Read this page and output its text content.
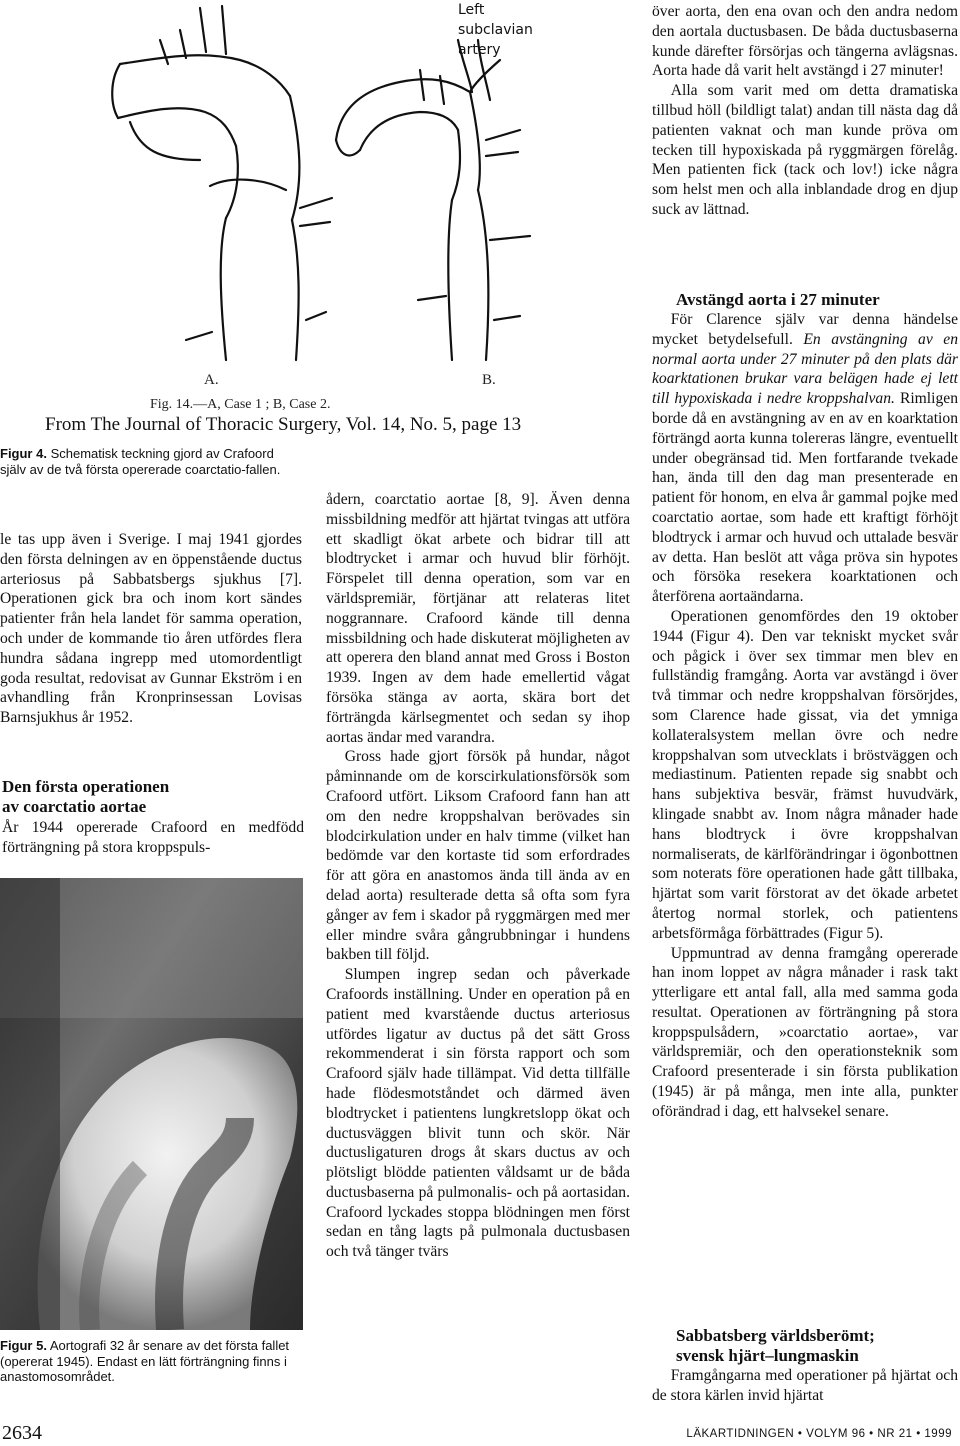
Left
subclavian
artery
A.	B.
Fig. 14.—A, Case 1 ; B, Case 2.
From The Journal of Thoracic Surgery, Vol. 14, No. 5, page 13
Figur 4. Schematisk teckning gjord av Crafoord själv av de två första opererade coarctatio-fallen.

le tas upp även i Sverige. I maj 1941 gjordes den första delningen av en öppenstående ductus arteriosus på Sabbatsbergs sjukhus [7]. Operationen gick bra och inom kort sändes patienter från hela landet för samma operation, och under de kommande tio åren utfördes flera hundra sådana ingrepp med utomordentligt goda resultat, redovisat av Gunnar Ekström i en avhandling från Kronprinsessan Lovisas Barnsjukhus år 1952.

Den första operationen
av coarctatio aortae

År 1944 opererade Crafoord en medfödd förträngning på stora kroppspuls-

Figur 5. Aortografi 32 år senare av det första fallet (opererat 1945). Endast en lätt förträngning finns i anastomosområdet.

ådern, coarctatio aortae [8, 9]. Även denna missbildning medför att hjärtat tvingas att utföra ett skadligt ökat arbete och bidrar till att blodtrycket i armar och huvud blir förhöjt. Förspelet till denna operation, som var en världspremiär, förtjänar att relateras litet noggrannare. Crafoord kände till denna missbildning och hade diskuterat möjligheten av att operera den bland annat med Gross i Boston 1939. Ingen av dem hade emellertid vågat försöka stänga av aorta, skära bort det förträngda kärlsegmentet och sedan sy ihop aortas ändar med varandra.

Gross hade gjort försök på hundar, något påminnande om de korscirkulationsförsök som Crafoord utfört. Liksom Crafoord fann han att om den nedre kroppshalvan berövades sin blodcirkulation under en halv timme (vilket han bedömde var den kortaste tid som erfordrades för att göra en anastomos ända till ända av en delad aorta) resulterade detta så ofta som fyra gånger av fem i skador på ryggmärgen med mer eller mindre svåra gångrubbningar i hundens bakben till följd.

Slumpen ingrep sedan och påverkade Crafoords inställning. Under en operation på en patient med kvarstående ductus arteriosus utfördes ligatur av ductus på det sätt Gross rekommenderat i sin första rapport och som Crafoord själv hade tillämpat. Vid detta tillfälle hade flödesmotståndet och därmed även blodtrycket i patientens lungkretslopp ökat och ductusväggen blivit tunn och skör. När ductusligaturen drogs åt skars ductus av och plötsligt blödde patienten våldsamt ur de båda ductusbaserna på pulmonalis- och på aortasidan. Crafoord lyckades stoppa blödningen men först sedan en tång lagts på pulmonala ductusbasen och två tänger tvärs

över aorta, den ena ovan och den andra nedom den aortala ductusbasen. De båda ductusbaserna kunde därefter försörjas och tängerna avlägsnas. Aorta hade då varit helt avstängd i 27 minuter!

Alla som varit med om detta dramatiska tillbud höll (bildligt talat) andan till nästa dag då patienten vaknat och man kunde pröva om tecken till hypoxiskada på ryggmärgen förelåg. Men patienten fick (tack och lov!) icke några som helst men och alla inblandade drog en djup suck av lättnad.

Avstängd aorta i 27 minuter

För Clarence själv var denna händelse mycket betydelsefull. En avstängning av en normal aorta under 27 minuter på den plats där koarktationen brukar vara belägen hade ej lett till hypoxiskada i nedre kroppshalvan. Rimligen borde då en avstängning av en av en koarktation förträngd aorta kunna tolereras längre, eventuellt under obegränsad tid. Men fortfarande tvekade han, ända till den dag man presenterade en patient för honom, en elva år gammal pojke med coarctatio aortae, som hade ett kraftigt förhöjt blodtryck i armar och huvud och uttalade besvär av detta. Han beslöt att våga pröva sin hypotes och försöka resekera koarktationen och återförena aortaändarna.

Operationen genomfördes den 19 oktober 1944 (Figur 4). Den var tekniskt mycket svår och pågick i över sex timmar men blev en fullständig framgång. Aorta var avstängd i över två timmar och nedre kroppshalvan försörjdes, som Clarence hade gissat, via det ymniga kollateralsystem mellan övre och nedre kroppshalvan som utvecklats i bröstväggen och mediastinum. Patienten repade sig snabbt och hans subjektiva besvär, främst huvudvärk, klingade snabbt av. Inom några månader hade hans blodtryck i övre kroppshalvan normaliserats, de kärlförändringar i ögonbottnen som noterats före operationen hade gått tillbaka, hjärtat som varit förstorat av det ökade arbetet återtog normal storlek, och patientens arbetsförmåga förbättrades (Figur 5).

Uppmuntrad av denna framgång opererade han inom loppet av några månader i rask takt ytterligare ett antal fall, alla med samma goda resultat. Operationen av förträngning på stora kroppspulsådern, »coarctatio aortae», var världspremiär, och den operationsteknik som Crafoord presenterade i sin första publikation (1945) är på många, men inte alla, punkter oförändrad i dag, ett halvsekel senare.

Sabbatsberg världsberömt;
svensk hjärt–lungmaskin

Framgångarna med operationer på hjärtat och de stora kärlen invid hjärtat

2634	LÄKARTIDNINGEN • VOLYM 96 • NR 21 • 1999
